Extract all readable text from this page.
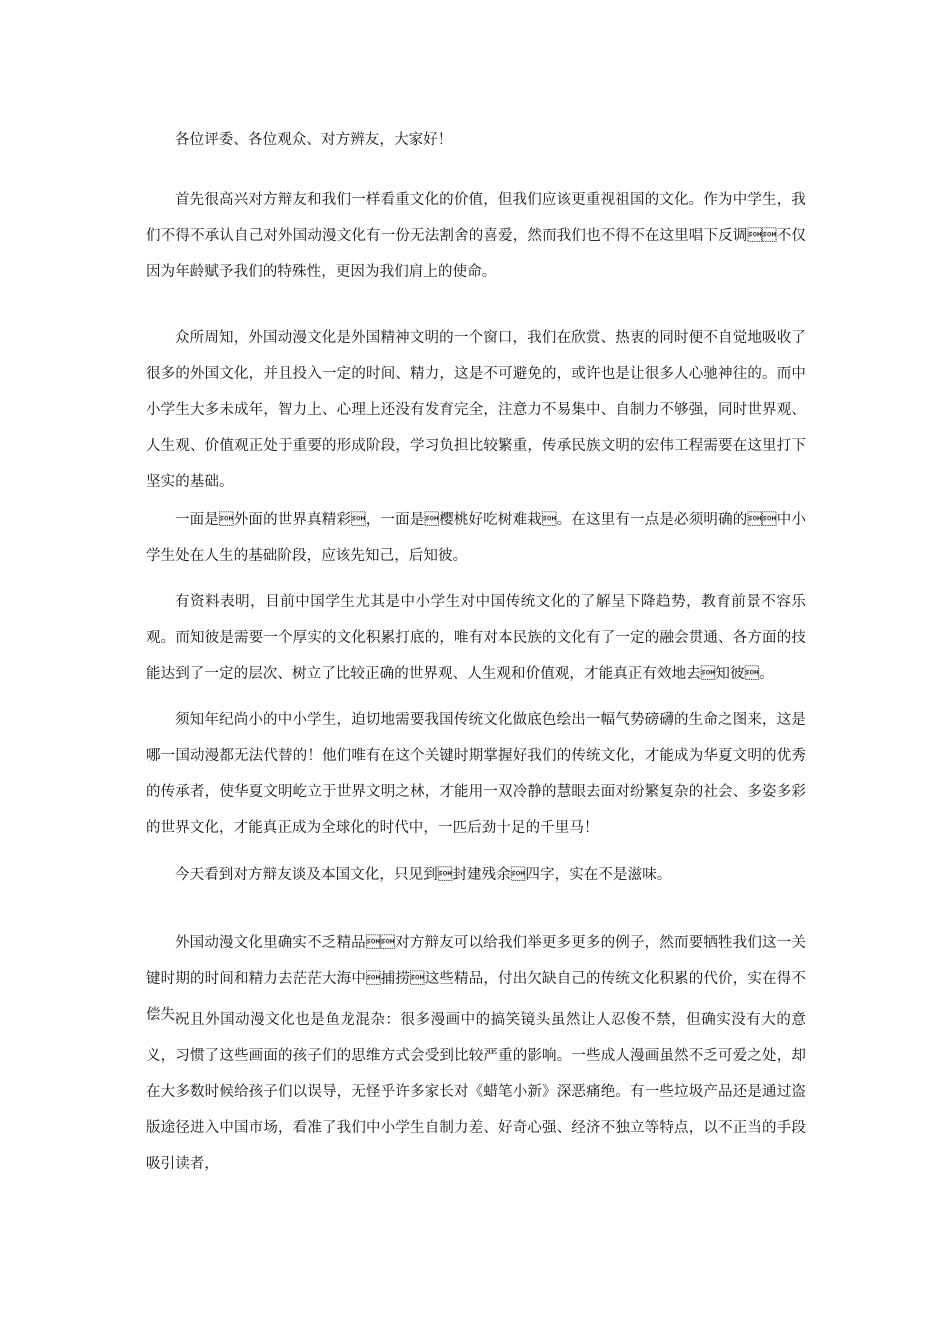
各位评委、各位观众、对方辨友，大家好！

首先很高兴对方辩友和我们一样看重文化的价值，但我们应该更重视祖国的文化。作为中学生，我们不得不承认自己对外国动漫文化有一份无法割舍的喜爱，然而我们也不得不在这里唱下反调不仅因为年龄赋予我们的特殊性，更因为我们肩上的使命。

众所周知，外国动漫文化是外国精神文明的一个窗口，我们在欣赏、热衷的同时便不自觉地吸收了很多的外国文化，并且投入一定的时间、精力，这是不可避免的，或许也是让很多人心驰神往的。而中小学生大多未成年，智力上、心理上还没有发育完全，注意力不易集中、自制力不够强，同时世界观、人生观、价值观正处于重要的形成阶段，学习负担比较繁重，传承民族文明的宏伟工程需要在这里打下坚实的基础。

一面是外面的世界真精彩，一面是樱桃好吃树难栽。在这里有一点是必须明确的中小学生处在人生的基础阶段，应该先知己，后知彼。

有资料表明，目前中国学生尤其是中小学生对中国传统文化的了解呈下降趋势，教育前景不容乐观。而知彼是需要一个厚实的文化积累打底的，唯有对本民族的文化有了一定的融会贯通、各方面的技能达到了一定的层次、树立了比较正确的世界观、人生观和价值观，才能真正有效地去知彼。

须知年纪尚小的中小学生，迫切地需要我国传统文化做底色绘出一幅气势磅礴的生命之图来，这是哪一国动漫都无法代替的！他们唯有在这个关键时期掌握好我们的传统文化，才能成为华夏文明的优秀的传承者，使华夏文明屹立于世界文明之林，才能用一双冷静的慧眼去面对纷繁复杂的社会、多姿多彩的世界文化，才能真正成为全球化的时代中，一匹后劲十足的千里马！

今天看到对方辩友谈及本国文化，只见到封建残余四字，实在不是滋味。

外国动漫文化里确实不乏精品对方辩友可以给我们举更多更多的例子，然而要牺牲我们这一关键时期的时间和精力去茫茫大海中捕捞这些精品，付出欠缺自己的传统文化积累的代价，实在得不偿失。

况且外国动漫文化也是鱼龙混杂：很多漫画中的搞笑镜头虽然让人忍俊不禁，但确实没有大的意义，习惯了这些画面的孩子们的思维方式会受到比较严重的影响。一些成人漫画虽然不乏可爱之处，却在大多数时候给孩子们以误导，无怪乎许多家长对《蜡笔小新》深恶痛绝。有一些垃圾产品还是通过盗版途径进入中国市场，看准了我们中小学生自制力差、好奇心强、经济不独立等特点，以不正当的手段吸引读者，
